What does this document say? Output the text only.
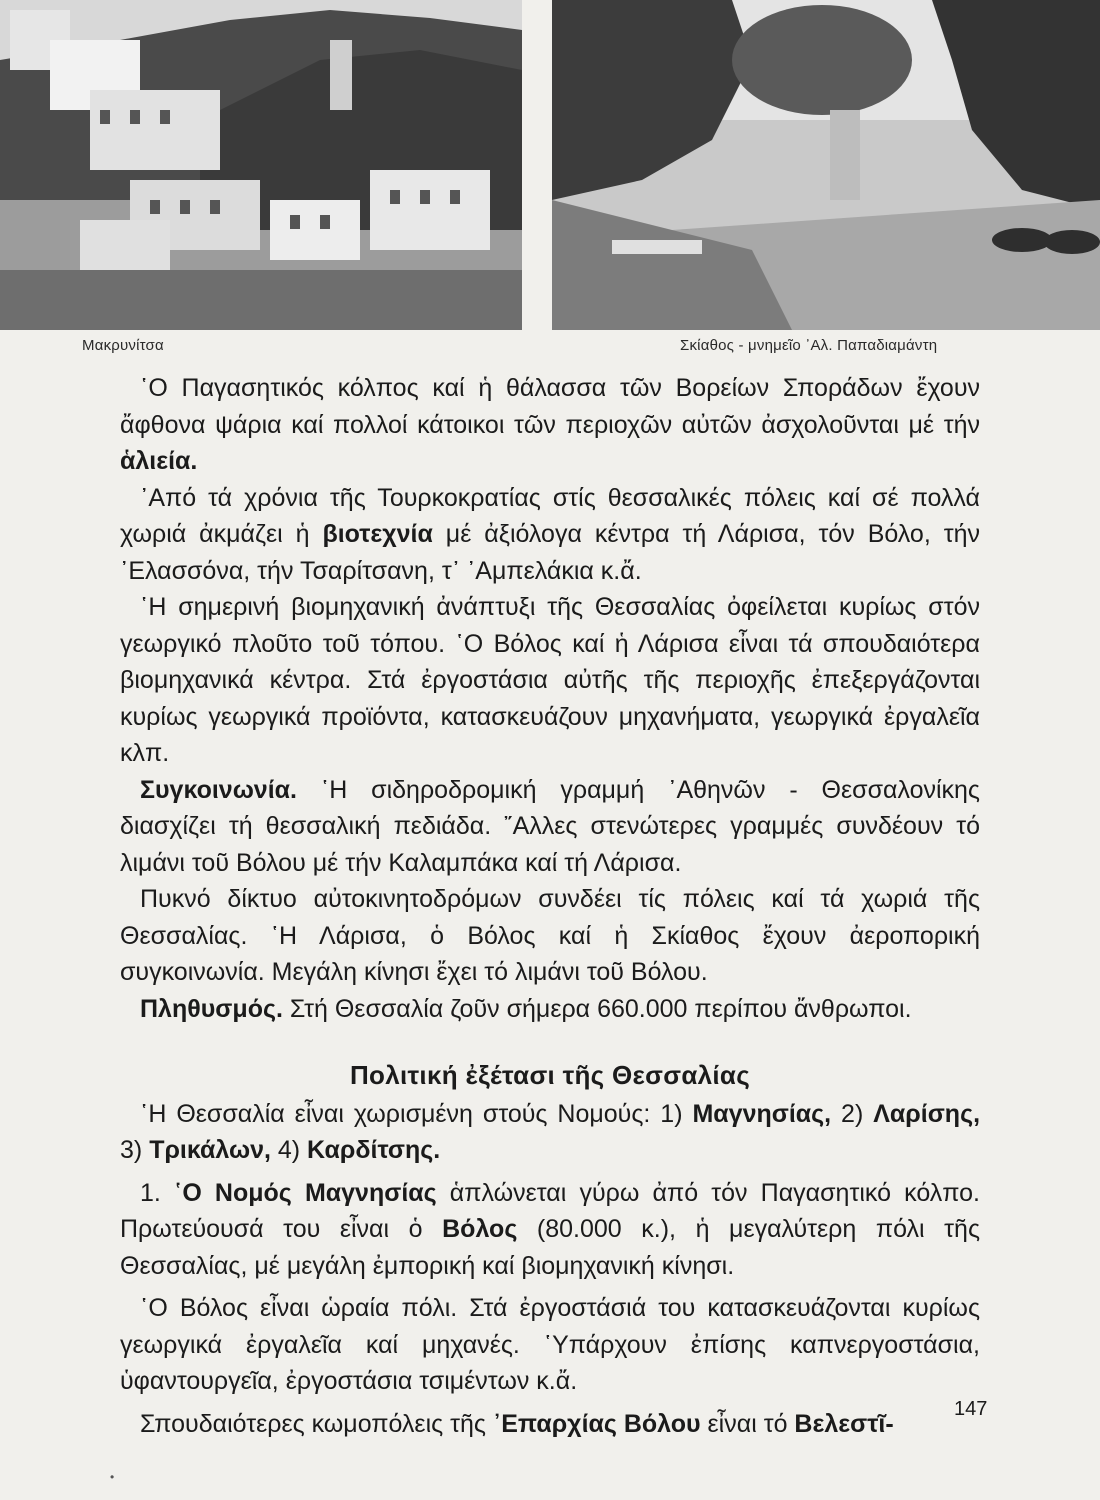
Μακρυνίτσα	Σκίαθος - μνημεῖο ᾿Αλ. Παπαδιαμάντη

῾Ο Παγασητικός κόλπος καί ἡ θάλασσα τῶν Βορείων Σποράδων ἔχουν ἄφθονα ψάρια καί πολλοί κάτοικοι τῶν περιοχῶν αὐτῶν ἀσχολοῦνται μέ τήν ἁλιεία.

᾿Από τά χρόνια τῆς Τουρκοκρατίας στίς θεσσαλικές πόλεις καί σέ πολλά χωριά ἀκμάζει ἡ βιοτεχνία μέ ἀξιόλογα κέντρα τή Λάρισα, τόν Βόλο, τήν ᾿Ελασσόνα, τήν Τσαρίτσανη, τ᾿ ᾿Αμπελάκια κ.ἄ.

῾Η σημερινή βιομηχανική ἀνάπτυξι τῆς Θεσσαλίας ὀφείλεται κυρίως στόν γεωργικό πλοῦτο τοῦ τόπου. ῾Ο Βόλος καί ἡ Λάρισα εἶναι τά σπουδαιότερα βιομηχανικά κέντρα. Στά ἐργοστάσια αὐτῆς τῆς περιοχῆς ἐπεξεργάζονται κυρίως γεωργικά προϊόντα, κατασκευάζουν μηχανήματα, γεωργικά ἐργαλεῖα κλπ.

Συγκοινωνία. ῾Η σιδηροδρομική γραμμή ᾿Αθηνῶν - Θεσσαλονίκης διασχίζει τή θεσσαλική πεδιάδα. ῎Αλλες στενώτερες γραμμές συνδέουν τό λιμάνι τοῦ Βόλου μέ τήν Καλαμπάκα καί τή Λάρισα.

Πυκνό δίκτυο αὐτοκινητοδρόμων συνδέει τίς πόλεις καί τά χωριά τῆς Θεσσαλίας. ῾Η Λάρισα, ὁ Βόλος καί ἡ Σκίαθος ἔχουν ἀεροπορική συγκοινωνία. Μεγάλη κίνησι ἔχει τό λιμάνι τοῦ Βόλου.

Πληθυσμός. Στή Θεσσαλία ζοῦν σήμερα 660.000 περίπου ἄνθρωποι.

Πολιτική ἐξέτασι τῆς Θεσσαλίας

῾Η Θεσσαλία εἶναι χωρισμένη στούς Νομούς: 1) Μαγνησίας, 2) Λαρίσης, 3) Τρικάλων, 4) Καρδίτσης.

1. ῾Ο Νομός Μαγνησίας ἁπλώνεται γύρω ἀπό τόν Παγασητικό κόλπο. Πρωτεύουσά του εἶναι ὁ Βόλος (80.000 κ.), ἡ μεγαλύτερη πόλι τῆς Θεσσαλίας, μέ μεγάλη ἐμπορική καί βιομηχανική κίνησι.

῾Ο Βόλος εἶναι ὡραία πόλι. Στά ἐργοστάσιά του κατασκευάζονται κυρίως γεωργικά ἐργαλεῖα καί μηχανές. ῾Υπάρχουν ἐπίσης καπνεργοστάσια, ὑφαντουργεῖα, ἐργοστάσια τσιμέντων κ.ἄ.

Σπουδαιότερες κωμοπόλεις τῆς ᾿Επαρχίας Βόλου εἶναι τό Βελεστῖ-

147
•
